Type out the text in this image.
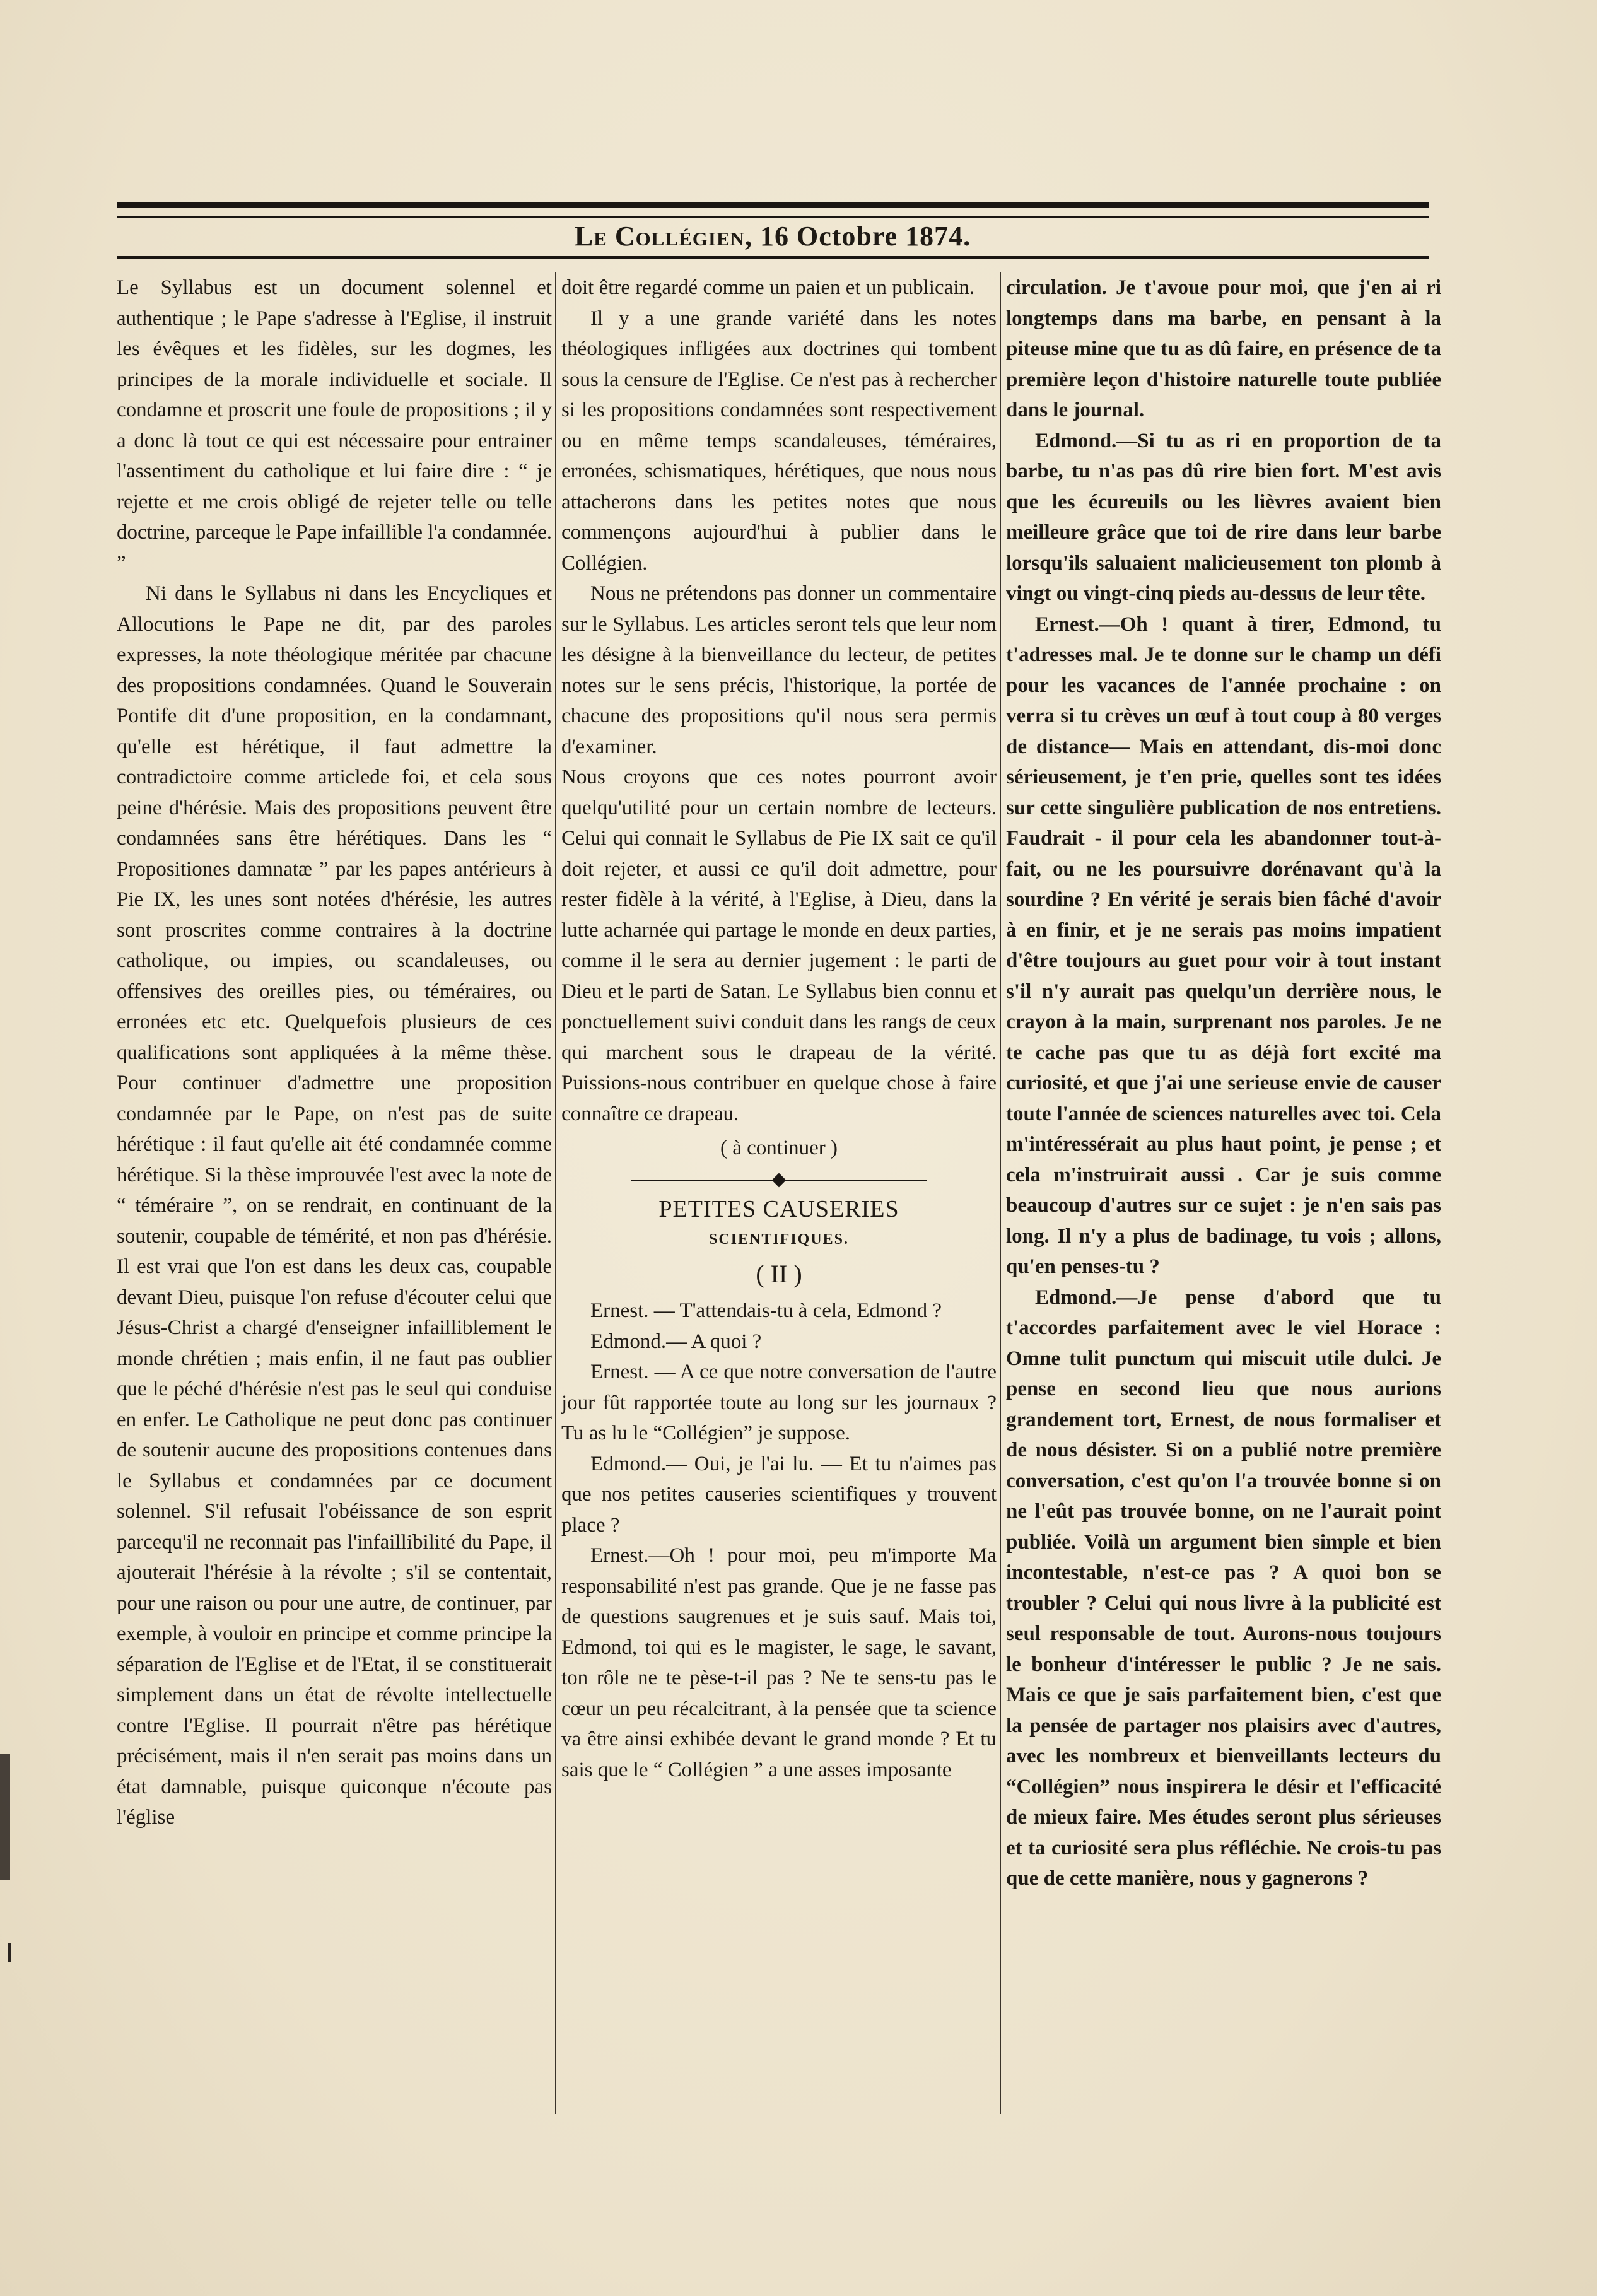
Le Collégien, 16 Octobre 1874.

Le Syllabus est un document solennel et authentique ; le Pape s'adresse à l'Eglise, il instruit les évêques et les fidèles, sur les dogmes, les principes de la morale individuelle et sociale. Il condamne et proscrit une foule de propositions ; il y a donc là tout ce qui est nécessaire pour entrainer l'assentiment du catholique et lui faire dire : “ je rejette et me crois obligé de rejeter telle ou telle doctrine, parceque le Pape infaillible l'a condamnée. ”

Ni dans le Syllabus ni dans les Encycliques et Allocutions le Pape ne dit, par des paroles expresses, la note théologique méritée par chacune des propositions condamnées. Quand le Souverain Pontife dit d'une proposition, en la condamnant, qu'elle est hérétique, il faut admettre la contradictoire comme articlede foi, et cela sous peine d'hérésie. Mais des propositions peuvent être condamnées sans être hérétiques. Dans les “ Propositiones damnatæ ” par les papes antérieurs à Pie IX, les unes sont notées d'hérésie, les autres sont proscrites comme contraires à la doctrine catholique, ou impies, ou scandaleuses, ou offensives des oreilles pies, ou téméraires, ou erronées etc etc. Quelquefois plusieurs de ces qualifications sont appliquées à la même thèse. Pour continuer d'admettre une proposition condamnée par le Pape, on n'est pas de suite hérétique : il faut qu'elle ait été condamnée comme hérétique. Si la thèse improuvée l'est avec la note de “ téméraire ”, on se rendrait, en continuant de la soutenir, coupable de témérité, et non pas d'hérésie. Il est vrai que l'on est dans les deux cas, coupable devant Dieu, puisque l'on refuse d'écouter celui que Jésus-Christ a chargé d'enseigner infailliblement le monde chrétien ; mais enfin, il ne faut pas oublier que le péché d'hérésie n'est pas le seul qui conduise en enfer. Le Catholique ne peut donc pas continuer de soutenir aucune des propositions contenues dans le Syllabus et condamnées par ce document solennel. S'il refusait l'obéissance de son esprit parcequ'il ne reconnait pas l'infaillibilité du Pape, il ajouterait l'hérésie à la révolte ; s'il se contentait, pour une raison ou pour une autre, de continuer, par exemple, à vouloir en principe et comme principe la séparation de l'Eglise et de l'Etat, il se constituerait simplement dans un état de révolte intellectuelle contre l'Eglise. Il pourrait n'être pas hérétique précisément, mais il n'en serait pas moins dans un état damnable, puisque quiconque n'écoute pas l'église

doit être regardé comme un paien et un publicain.

Il y a une grande variété dans les notes théologiques infligées aux doctrines qui tombent sous la censure de l'Eglise. Ce n'est pas à rechercher si les propositions condamnées sont respectivement ou en même temps scandaleuses, téméraires, erronées, schismatiques, hérétiques, que nous nous attacherons dans les petites notes que nous commençons aujourd'hui à publier dans le Collégien.

Nous ne prétendons pas donner un commentaire sur le Syllabus. Les articles seront tels que leur nom les désigne à la bienveillance du lecteur, de petites notes sur le sens précis, l'historique, la portée de chacune des propositions qu'il nous sera permis d'examiner.

Nous croyons que ces notes pourront avoir quelqu'utilité pour un certain nombre de lecteurs. Celui qui connait le Syllabus de Pie IX sait ce qu'il doit rejeter, et aussi ce qu'il doit admettre, pour rester fidèle à la vérité, à l'Eglise, à Dieu, dans la lutte acharnée qui partage le monde en deux parties, comme il le sera au dernier jugement : le parti de Dieu et le parti de Satan. Le Syllabus bien connu et ponctuellement suivi conduit dans les rangs de ceux qui marchent sous le drapeau de la vérité. Puissions-nous contribuer en quelque chose à faire connaître ce drapeau.

( à continuer )

PETITES CAUSERIES
SCIENTIFIQUES.
( II )

Ernest. — T'attendais-tu à cela, Edmond ?

Edmond.— A quoi ?

Ernest. — A ce que notre conversation de l'autre jour fût rapportée toute au long sur les journaux ? Tu as lu le “Collégien” je suppose.

Edmond.— Oui, je l'ai lu. — Et tu n'aimes pas que nos petites causeries scientifiques y trouvent place ?

Ernest.—Oh ! pour moi, peu m'importe Ma responsabilité n'est pas grande. Que je ne fasse pas de questions saugrenues et je suis sauf. Mais toi, Edmond, toi qui es le magister, le sage, le savant, ton rôle ne te pèse-t-il pas ? Ne te sens-tu pas le cœur un peu récalcitrant, à la pensée que ta science va être ainsi exhibée devant le grand monde ? Et tu sais que le “ Collégien ” a une asses imposante

circulation. Je t'avoue pour moi, que j'en ai ri longtemps dans ma barbe, en pensant à la piteuse mine que tu as dû faire, en présence de ta première leçon d'histoire naturelle toute publiée dans le journal.

Edmond.—Si tu as ri en proportion de ta barbe, tu n'as pas dû rire bien fort. M'est avis que les écureuils ou les lièvres avaient bien meilleure grâce que toi de rire dans leur barbe lorsqu'ils saluaient malicieusement ton plomb à vingt ou vingt-cinq pieds au-dessus de leur tête.

Ernest.—Oh ! quant à tirer, Edmond, tu t'adresses mal. Je te donne sur le champ un défi pour les vacances de l'année prochaine : on verra si tu crèves un œuf à tout coup à 80 verges de distance— Mais en attendant, dis-moi donc sérieusement, je t'en prie, quelles sont tes idées sur cette singulière publication de nos entretiens. Faudrait - il pour cela les abandonner tout-à-fait, ou ne les poursuivre dorénavant qu'à la sourdine ? En vérité je serais bien fâché d'avoir à en finir, et je ne serais pas moins impatient d'être toujours au guet pour voir à tout instant s'il n'y aurait pas quelqu'un derrière nous, le crayon à la main, surprenant nos paroles. Je ne te cache pas que tu as déjà fort excité ma curiosité, et que j'ai une serieuse envie de causer toute l'année de sciences naturelles avec toi. Cela m'intéressérait au plus haut point, je pense ; et cela m'instruirait aussi . Car je suis comme beaucoup d'autres sur ce sujet : je n'en sais pas long. Il n'y a plus de badinage, tu vois ; allons, qu'en penses-tu ?

Edmond.—Je pense d'abord que tu t'accordes parfaitement avec le viel Horace : Omne tulit punctum qui miscuit utile dulci. Je pense en second lieu que nous aurions grandement tort, Ernest, de nous formaliser et de nous désister. Si on a publié notre première conversation, c'est qu'on l'a trouvée bonne si on ne l'eût pas trouvée bonne, on ne l'aurait point publiée. Voilà un argument bien simple et bien incontestable, n'est-ce pas ? A quoi bon se troubler ? Celui qui nous livre à la publicité est seul responsable de tout. Aurons-nous toujours le bonheur d'intéresser le public ? Je ne sais. Mais ce que je sais parfaitement bien, c'est que la pensée de partager nos plaisirs avec d'autres, avec les nombreux et bienveillants lecteurs du “Collégien” nous inspirera le désir et l'efficacité de mieux faire. Mes études seront plus sérieuses et ta curiosité sera plus réfléchie. Ne crois-tu pas que de cette manière, nous y gagnerons ?
